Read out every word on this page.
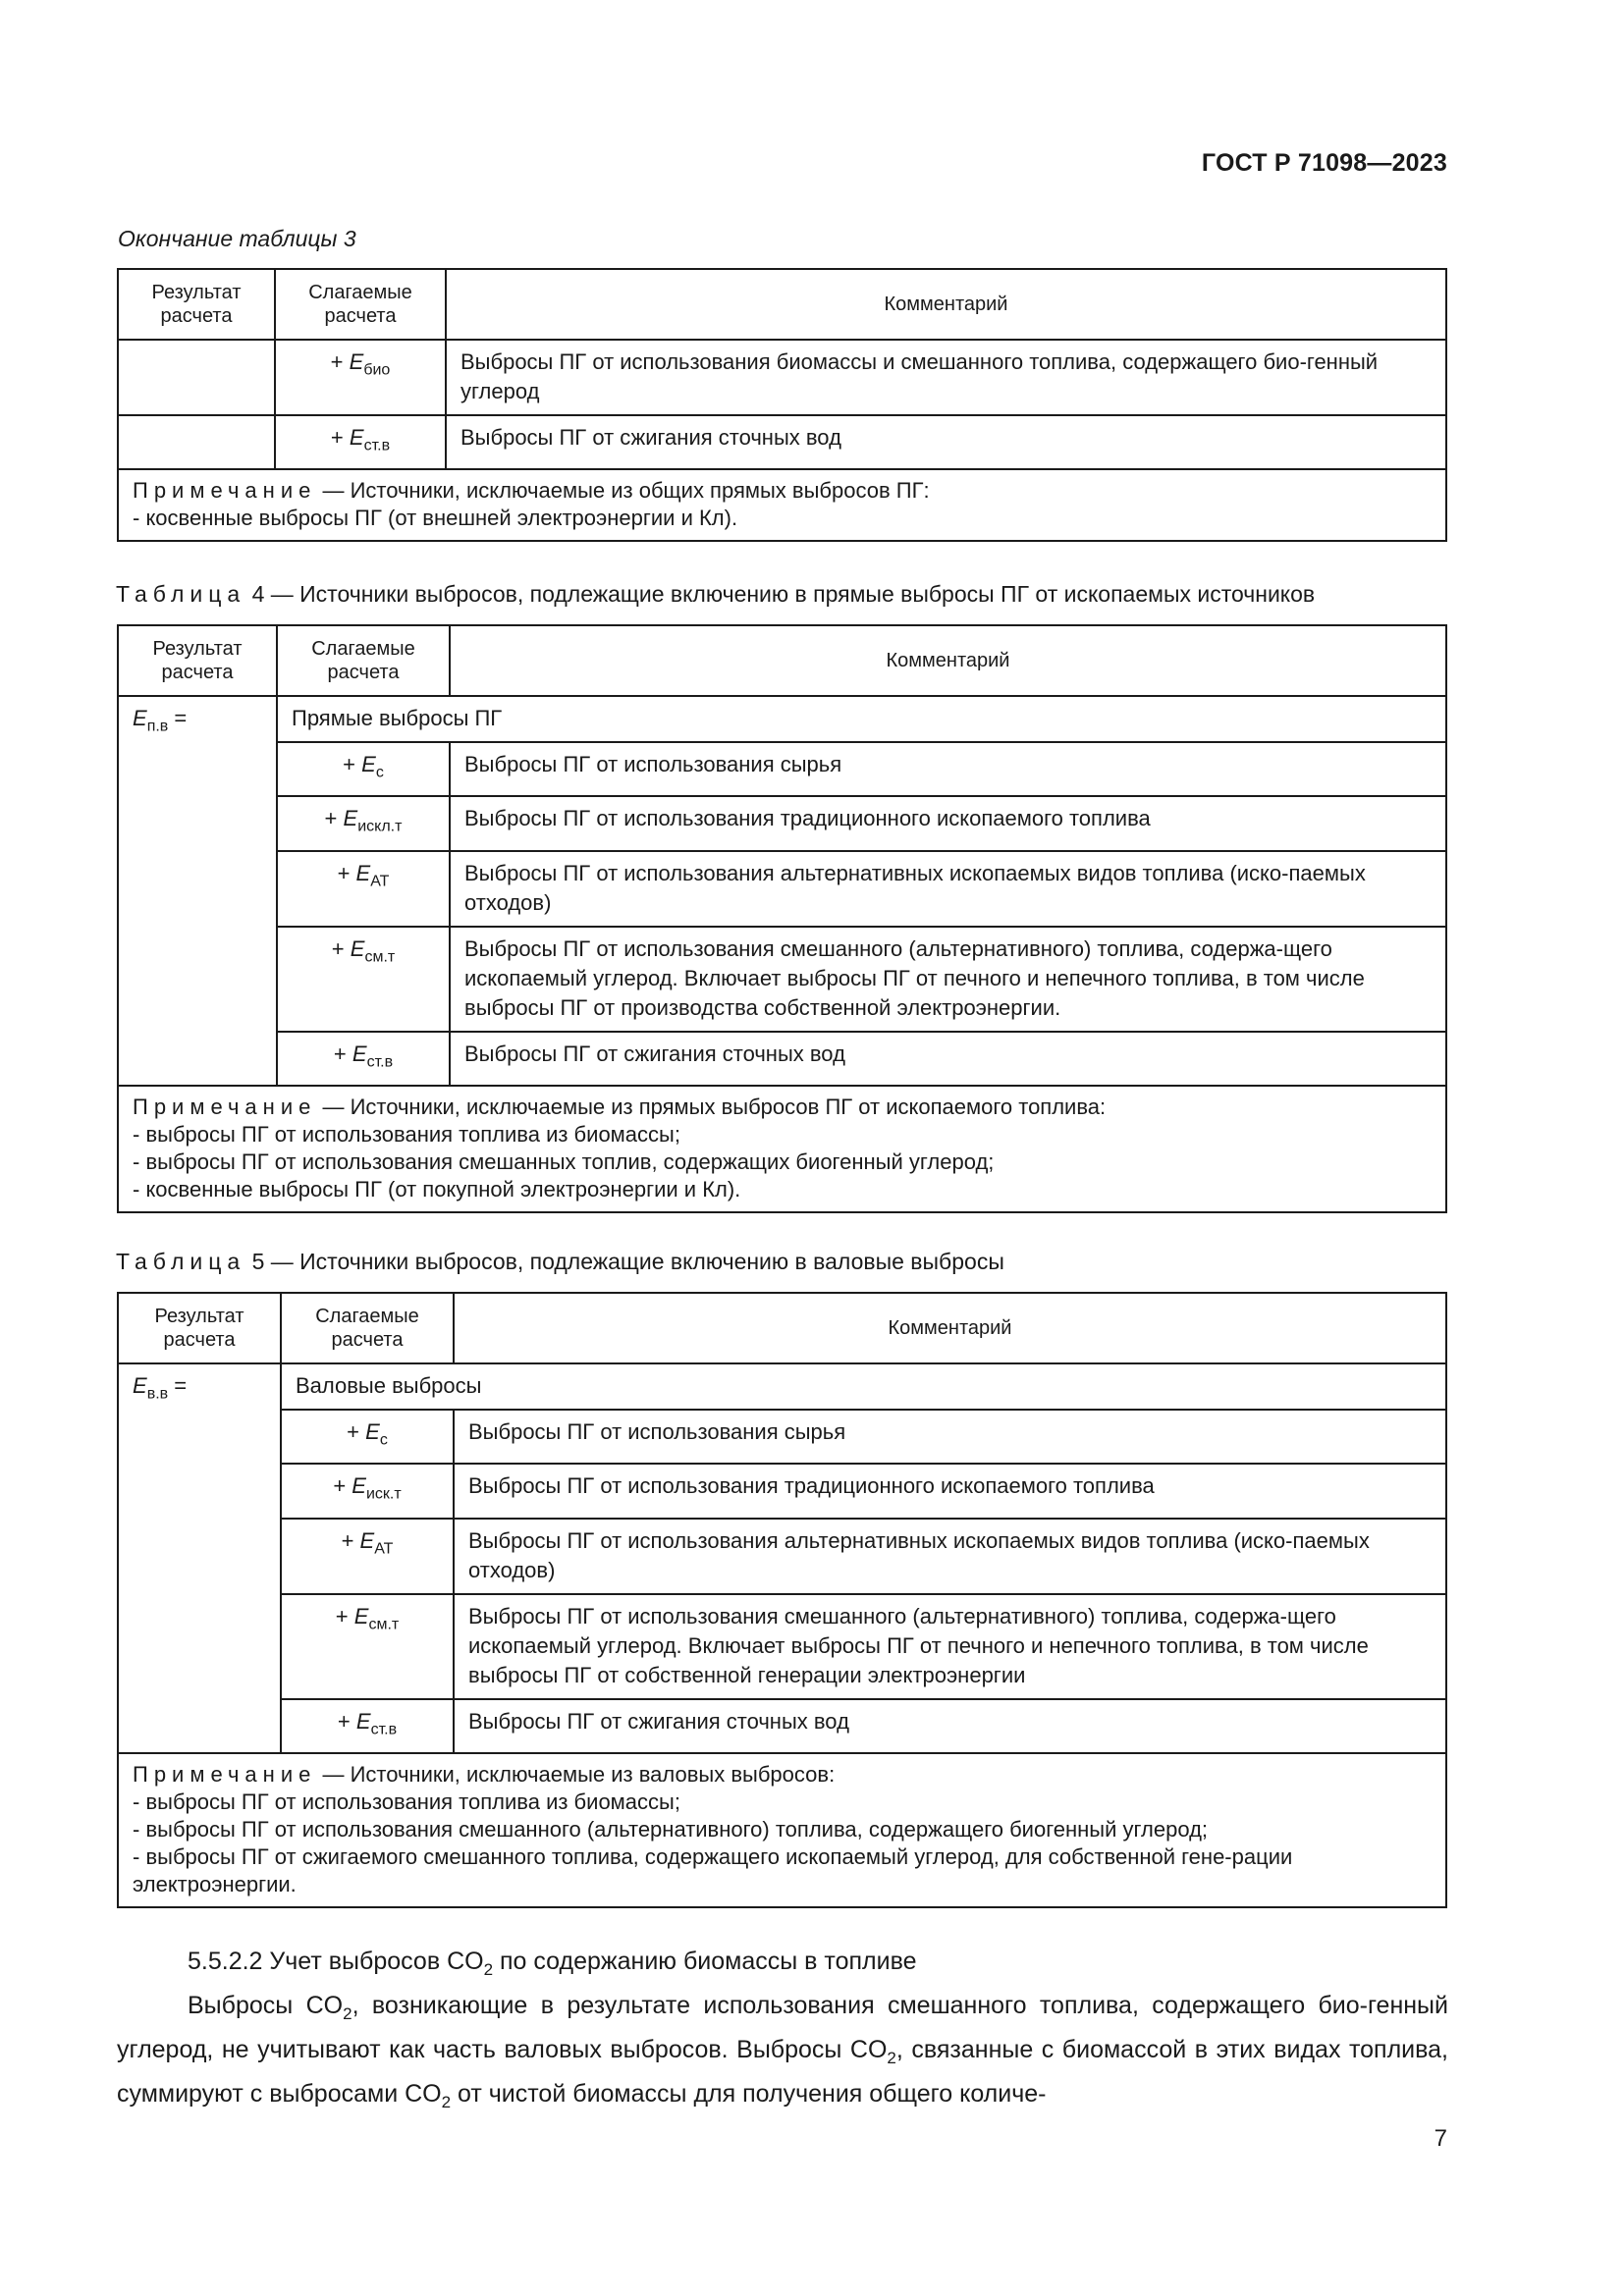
ГОСТ Р 71098—2023
Окончание таблицы 3
Результат расчета	Слагаемые расчета	Комментарий
	+ $E_{био}$	Выбросы ПГ от использования биомассы и смешанного топлива, содержащего био-генный углерод
	+ $E_{ст.в}$	Выбросы ПГ от сжигания сточных вод

Примечание — Источники, исключаемые из общих прямых выбросов ПГ:
- косвенные выбросы ПГ (от внешней электроэнергии и Кл).		
Таблица 4 — Источники выбросов, подлежащие включению в прямые выбросы ПГ от ископаемых источников
Результат расчета	Слагаемые расчета	Комментарий
$E_{п.в}$ =	Прямые выбросы ПГ	
	+ $E_с$	Выбросы ПГ от использования сырья
	+ $E_{искл.т}$	Выбросы ПГ от использования традиционного ископаемого топлива
	+ $E_{АТ}$	Выбросы ПГ от использования альтернативных ископаемых видов топлива (иско-паемых отходов)
	+ $E_{см.т}$	Выбросы ПГ от использования смешанного (альтернативного) топлива, содержа-щего ископаемый углерод. Включает выбросы ПГ от печного и непечного топлива, в том числе выбросы ПГ от производства собственной электроэнергии.
	+ $E_{ст.в}$	Выбросы ПГ от сжигания сточных вод

Примечание — Источники, исключаемые из прямых выбросов ПГ от ископаемого топлива:
- выбросы ПГ от использования топлива из биомассы;
- выбросы ПГ от использования смешанных топлив, содержащих биогенный углерод;
- косвенные выбросы ПГ (от покупной электроэнергии и Кл).		
Таблица 5 — Источники выбросов, подлежащие включению в валовые выбросы
Результат расчета	Слагаемые расчета	Комментарий
$E_{в.в}$ =	Валовые выбросы	
	+ $E_с$	Выбросы ПГ от использования сырья
	+ $E_{иск.т}$	Выбросы ПГ от использования традиционного ископаемого топлива
	+ $E_{АТ}$	Выбросы ПГ от использования альтернативных ископаемых видов топлива (иско-паемых отходов)
	+ $E_{см.т}$	Выбросы ПГ от использования смешанного (альтернативного) топлива, содержа-щего ископаемый углерод. Включает выбросы ПГ от печного и непечного топлива, в том числе выбросы ПГ от собственной генерации электроэнергии
	+ $E_{ст.в}$	Выбросы ПГ от сжигания сточных вод

Примечание — Источники, исключаемые из валовых выбросов:
- выбросы ПГ от использования топлива из биомассы;
- выбросы ПГ от использования смешанного (альтернативного) топлива, содержащего биогенный углерод;
- выбросы ПГ от сжигаемого смешанного топлива, содержащего ископаемый углерод, для собственной гене-рации электроэнергии.		

5.5.2.2 Учет выбросов $CO_2$ по содержанию биомассы в топливе

Выбросы $CO_2$, возникающие в результате использования смешанного топлива, содержащего био-генный углерод, не учитывают как часть валовых выбросов. Выбросы $CO_2$, связанные с биомассой в этих видах топлива, суммируют с выбросами $CO_2$ от чистой биомассы для получения общего количе-

7
